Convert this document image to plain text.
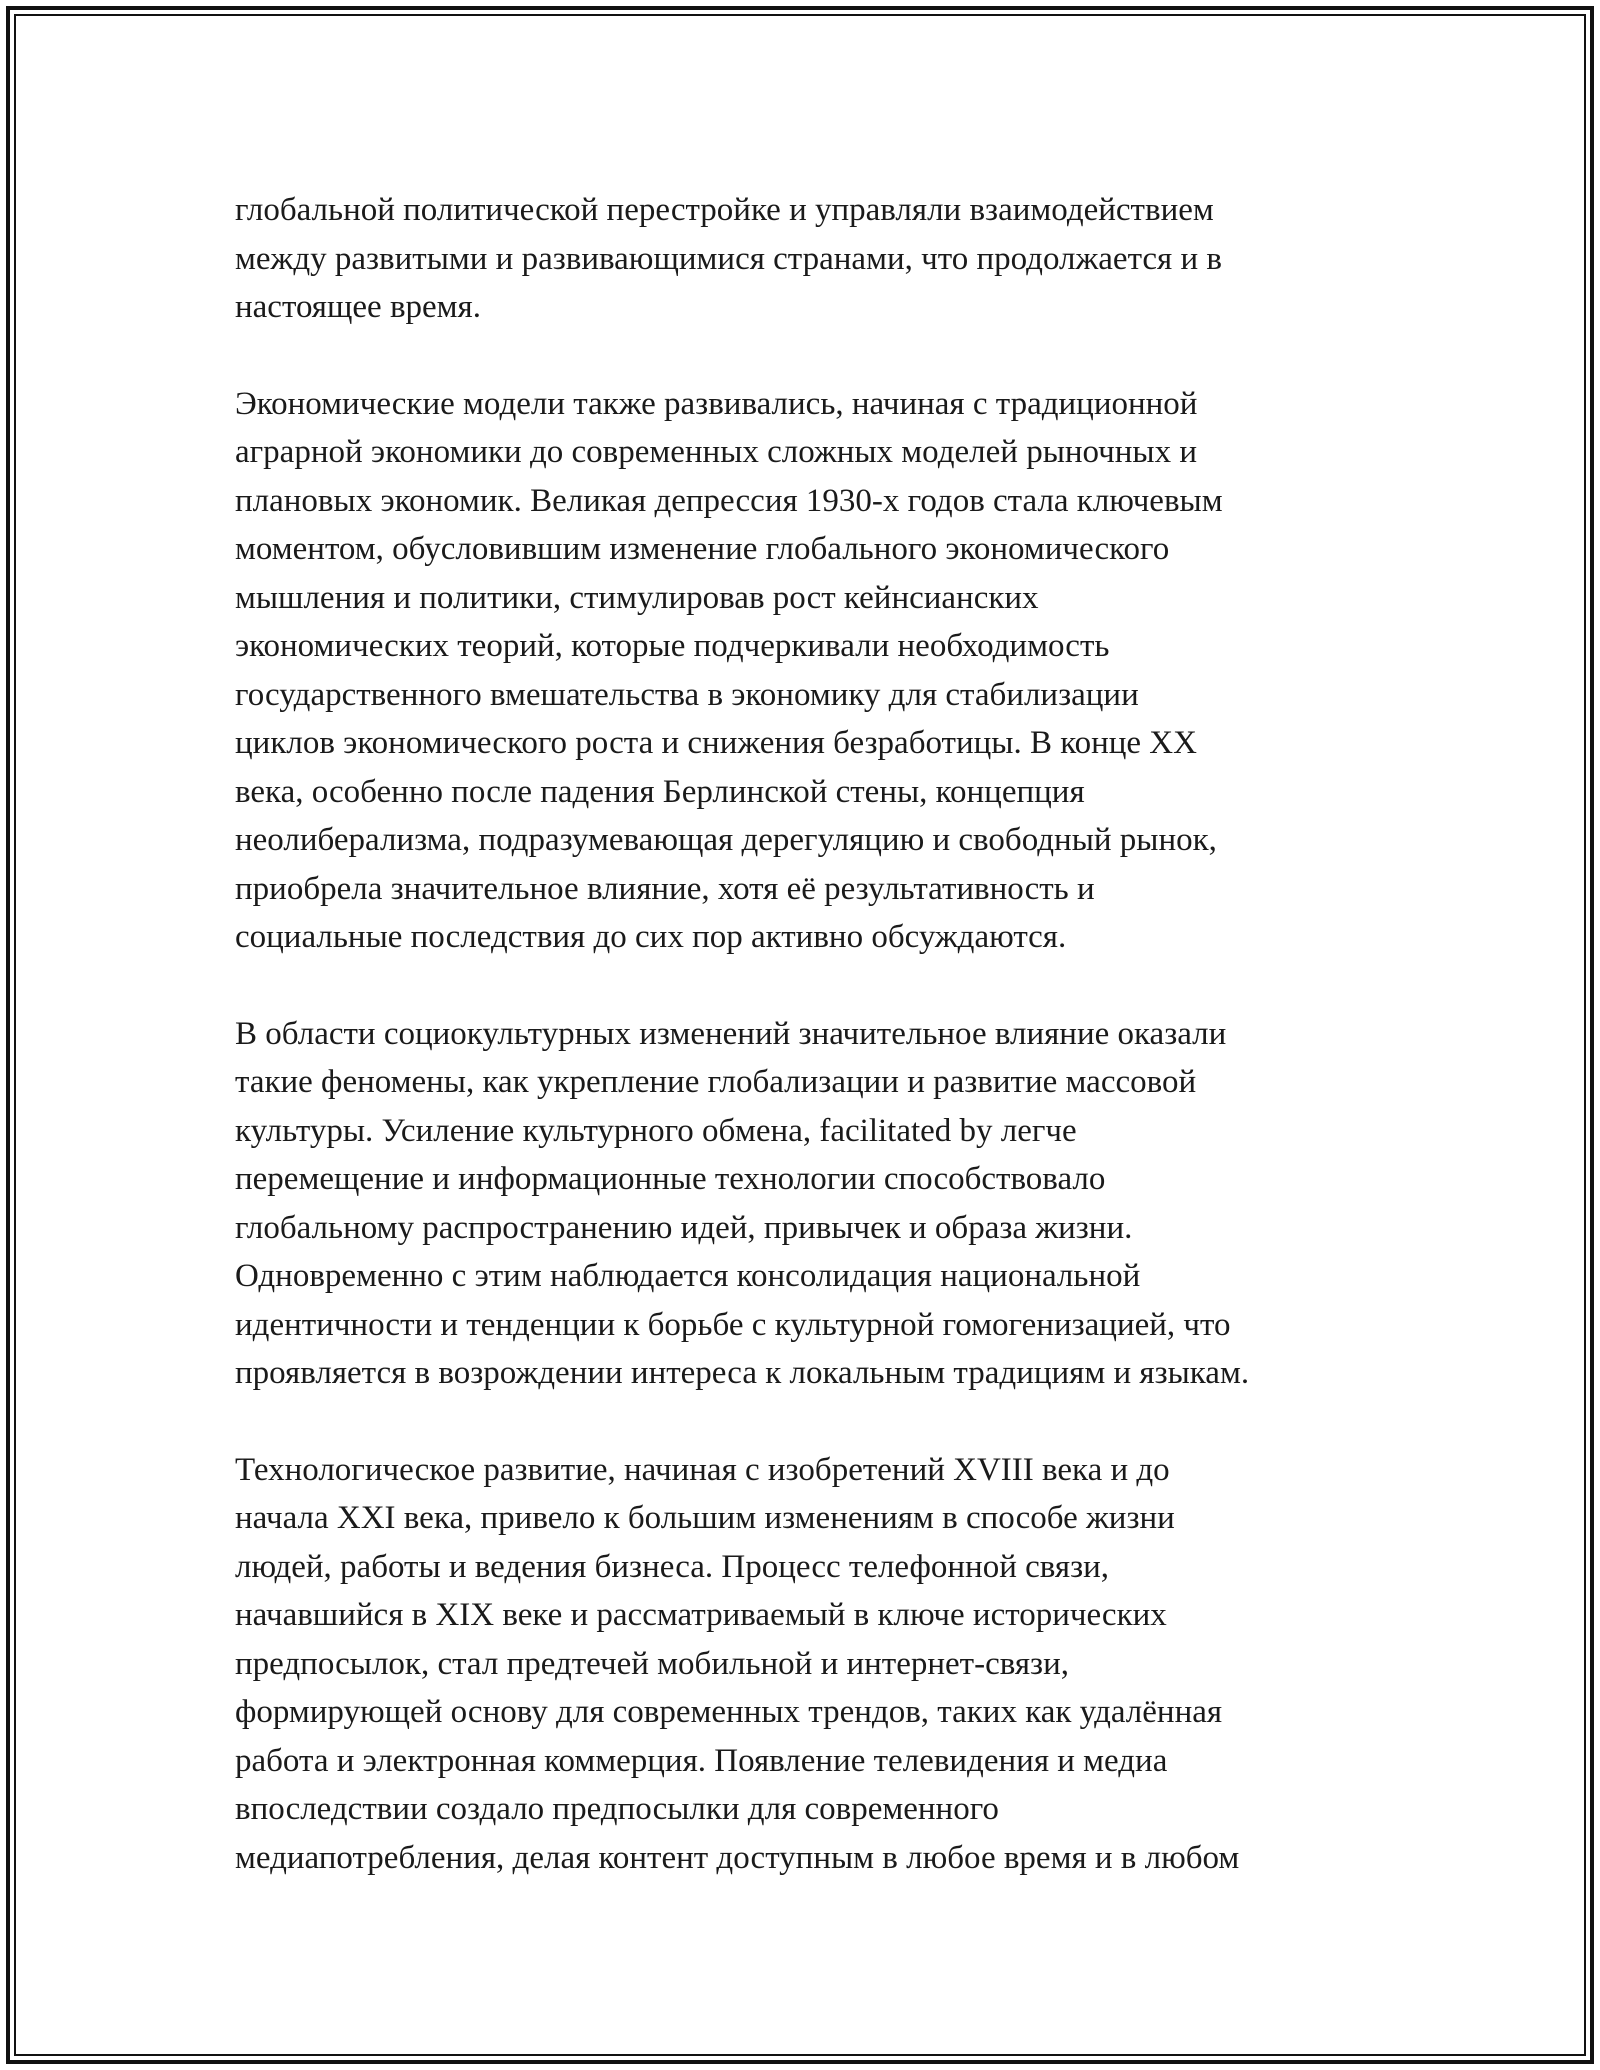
глобальной политической перестройке и управляли взаимодействием
между развитыми и развивающимися странами, что продолжается и в
настоящее время.

Экономические модели также развивались, начиная с традиционной
аграрной экономики до современных сложных моделей рыночных и
плановых экономик. Великая депрессия 1930-х годов стала ключевым
моментом, обусловившим изменение глобального экономического
мышления и политики, стимулировав рост кейнсианских
экономических теорий, которые подчеркивали необходимость
государственного вмешательства в экономику для стабилизации
циклов экономического роста и снижения безработицы. В конце XX
века, особенно после падения Берлинской стены, концепция
неолиберализма, подразумевающая дерегуляцию и свободный рынок,
приобрела значительное влияние, хотя её результативность и
социальные последствия до сих пор активно обсуждаются.

В области социокультурных изменений значительное влияние оказали
такие феномены, как укрепление глобализации и развитие массовой
культуры. Усиление культурного обмена, facilitated by легче
перемещение и информационные технологии способствовало
глобальному распространению идей, привычек и образа жизни.
Одновременно с этим наблюдается консолидация национальной
идентичности и тенденции к борьбе с культурной гомогенизацией, что
проявляется в возрождении интереса к локальным традициям и языкам.

Технологическое развитие, начиная с изобретений XVIII века и до
начала XXI века, привело к большим изменениям в способе жизни
людей, работы и ведения бизнеса. Процесс телефонной связи,
начавшийся в XIX веке и рассматриваемый в ключе исторических
предпосылок, стал предтечей мобильной и интернет-связи,
формирующей основу для современных трендов, таких как удалённая
работа и электронная коммерция. Появление телевидения и медиа
впоследствии создало предпосылки для современного
медиапотребления, делая контент доступным в любое время и в любом
